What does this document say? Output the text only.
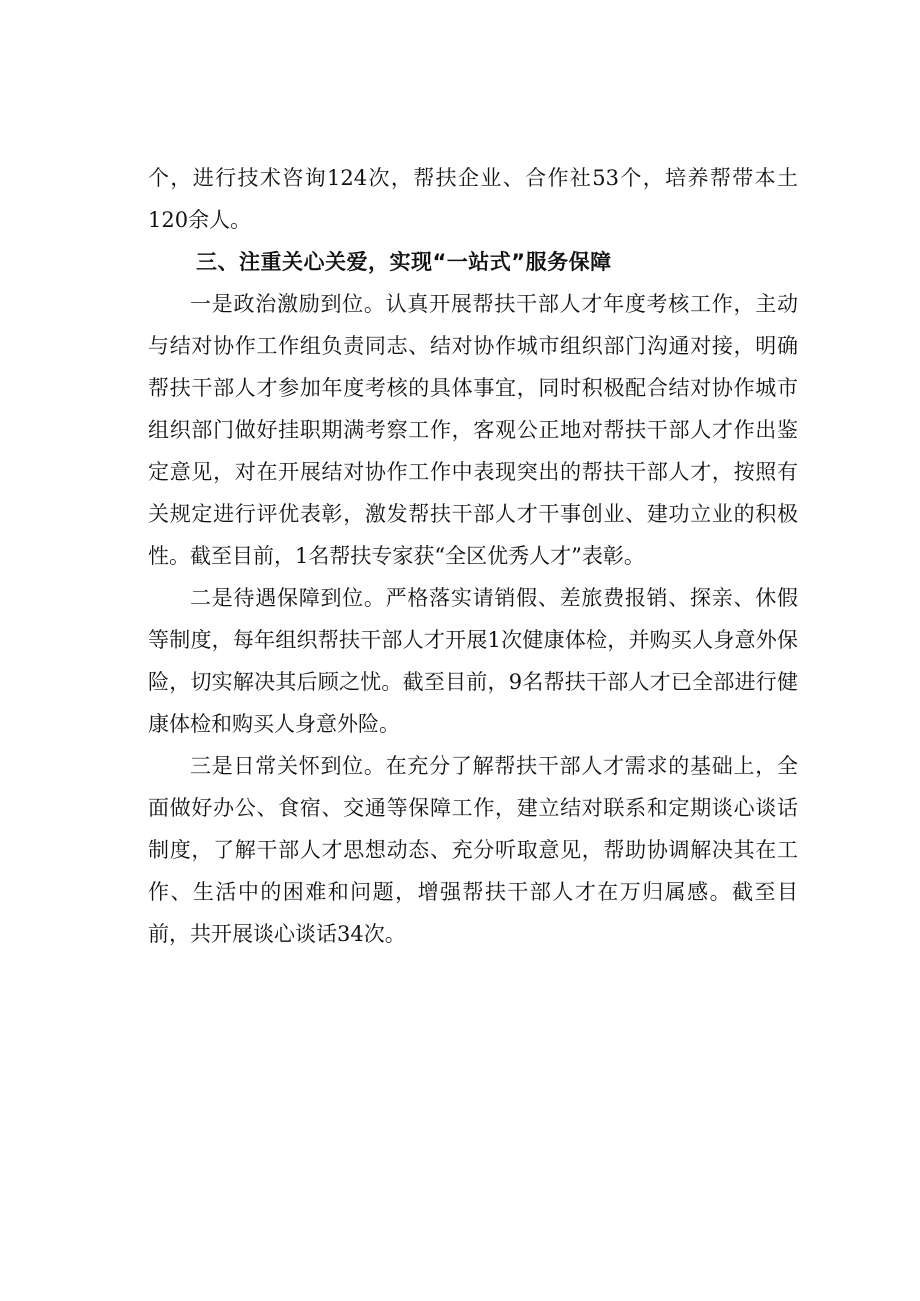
个，进行技术咨询124次，帮扶企业、合作社53个，培养帮带本土120余人。

三、注重关心关爱，实现“一站式”服务保障

一是政治激励到位。认真开展帮扶干部人才年度考核工作，主动与结对协作工作组负责同志、结对协作城市组织部门沟通对接，明确帮扶干部人才参加年度考核的具体事宜，同时积极配合结对协作城市组织部门做好挂职期满考察工作，客观公正地对帮扶干部人才作出鉴定意见，对在开展结对协作工作中表现突出的帮扶干部人才，按照有关规定进行评优表彰，激发帮扶干部人才干事创业、建功立业的积极性。截至目前，1名帮扶专家获“全区优秀人才”表彰。

二是待遇保障到位。严格落实请销假、差旅费报销、探亲、休假等制度，每年组织帮扶干部人才开展1次健康体检，并购买人身意外保险，切实解决其后顾之忧。截至目前，9名帮扶干部人才已全部进行健康体检和购买人身意外险。

三是日常关怀到位。在充分了解帮扶干部人才需求的基础上，全面做好办公、食宿、交通等保障工作，建立结对联系和定期谈心谈话制度，了解干部人才思想动态、充分听取意见，帮助协调解决其在工作、生活中的困难和问题，增强帮扶干部人才在万归属感。截至目前，共开展谈心谈话34次。
